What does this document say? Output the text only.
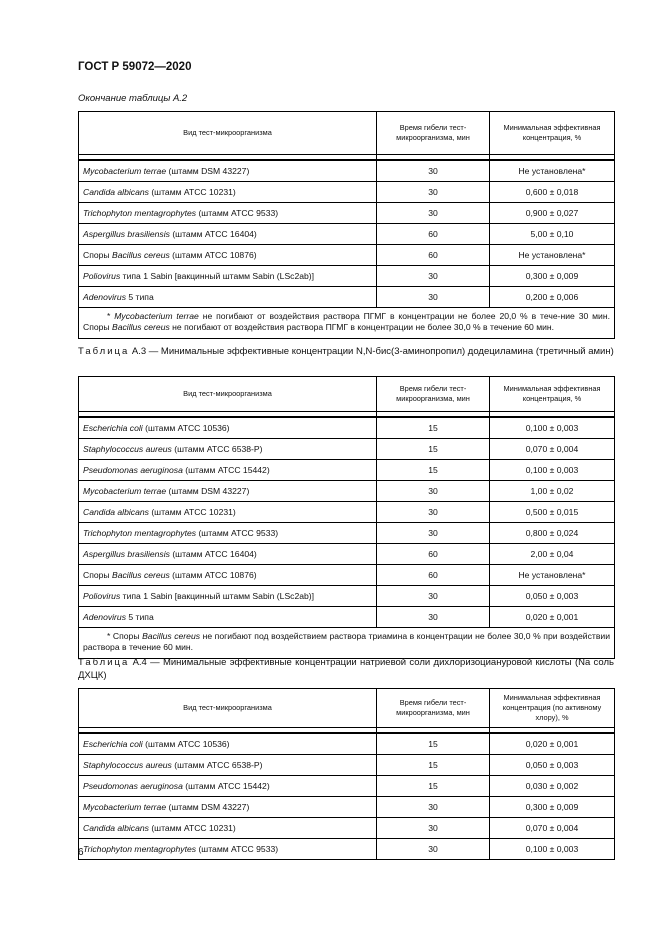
ГОСТ Р 59072—2020
Окончание таблицы А.2
Вид тест-микроорганизма	Время гибели тест-микроорганизма, мин	Минимальная эффективная концентрация, %

Mycobacterium terrae (штамм DSM 43227)	30	Не установлена*
Candida albicans (штамм АТСС 10231)	30	0,600 ± 0,018
Trichophyton mentagrophytes (штамм АТСС 9533)	30	0,900 ± 0,027
Aspergillus brasiliensis (штамм АТСС 16404)	60	5,00 ± 0,10
Споры Bacillus cereus (штамм АТСС 10876)	60	Не установлена*
Poliovirus типа 1 Sabin [вакцинный штамм Sabin (LSc2ab)]	30	0,300 ± 0,009
Adenovirus 5 типа	30	0,200 ± 0,006
* Mycobacterium terrae не погибают от воздействия раствора ПГМГ в концентрации не более 20,0 % в тече-ние 30 мин. Споры Bacillus cereus не погибают от воздействия раствора ПГМГ в концентрации не более 30,0 % в течение 60 мин.		
Таблица А.3 — Минимальные эффективные концентрации N,N-бис(3-аминопропил) додециламина (третичный амин)
Вид тест-микроорганизма	Время гибели тест-микроорганизма, мин	Минимальная эффективная концентрация, %

Escherichia coli (штамм АТСС 10536)	15	0,100 ± 0,003
Staphylococcus aureus (штамм АТСС 6538-Р)	15	0,070 ± 0,004
Pseudomonas aeruginosa (штамм АТСС 15442)	15	0,100 ± 0,003
Mycobacterium terrae (штамм DSM 43227)	30	1,00 ± 0,02
Candida albicans (штамм АТСС 10231)	30	0,500 ± 0,015
Trichophyton mentagrophytes (штамм АТСС 9533)	30	0,800 ± 0,024
Aspergillus brasiliensis (штамм АТСС 16404)	60	2,00 ± 0,04
Споры Bacillus cereus (штамм АТСС 10876)	60	Не установлена*
Poliovirus типа 1 Sabin [вакцинный штамм Sabin (LSc2ab)]	30	0,050 ± 0,003
Adenovirus 5 типа	30	0,020 ± 0,001
* Споры Bacillus cereus не погибают под воздействием раствора триамина в концентрации не более 30,0 % при воздействии раствора в течение 60 мин.		
Таблица А.4 — Минимальные эффективные концентрации натриевой соли дихлоризоциануровой кислоты (Na соль ДХЦК)
Вид тест-микроорганизма	Время гибели тест-микроорганизма, мин	Минимальная эффективная концентрация (по активному хлору), %

Escherichia coli (штамм АТСС 10536)	15	0,020 ± 0,001
Staphylococcus aureus (штамм АТСС 6538-Р)	15	0,050 ± 0,003
Pseudomonas aeruginosa (штамм АТСС 15442)	15	0,030 ± 0,002
Mycobacterium terrae (штамм DSM 43227)	30	0,300 ± 0,009
Candida albicans (штамм АТСС 10231)	30	0,070 ± 0,004
Trichophyton mentagrophytes (штамм АТСС 9533)	30	0,100 ± 0,003
6
